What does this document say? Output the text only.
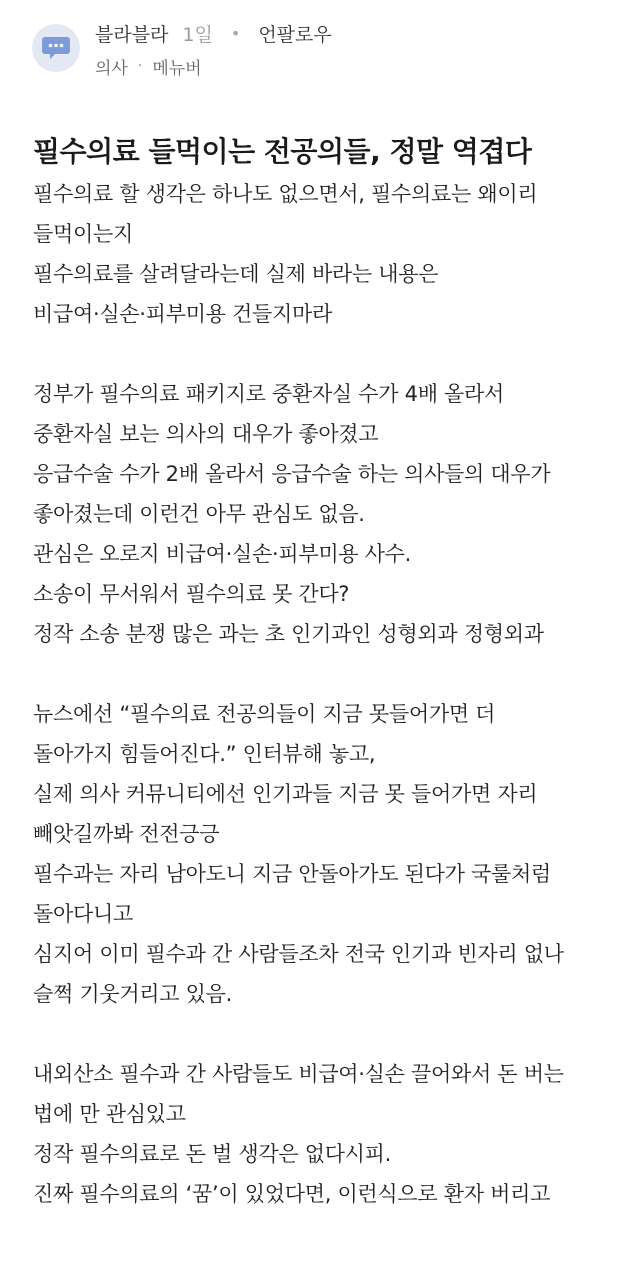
블라블라 1일 • 언팔로우
의사 · 메뉴버
필수의료 들먹이는 전공의들, 정말 역겹다
필수의료 할 생각은 하나도 없으면서, 필수의료는 왜이리
들먹이는지
필수의료를 살려달라는데 실제 바라는 내용은
비급여·실손·피부미용 건들지마라
정부가 필수의료 패키지로 중환자실 수가 4배 올라서
중환자실 보는 의사의 대우가 좋아졌고
응급수술 수가 2배 올라서 응급수술 하는 의사들의 대우가
좋아졌는데 이런건 아무 관심도 없음.
관심은 오로지 비급여·실손·피부미용 사수.
소송이 무서워서 필수의료 못 간다?
정작 소송 분쟁 많은 과는 초 인기과인 성형외과 정형외과
뉴스에선 “필수의료 전공의들이 지금 못들어가면 더
돌아가지 힘들어진다.” 인터뷰해 놓고,
실제 의사 커뮤니티에선 인기과들 지금 못 들어가면 자리
빼앗길까봐 전전긍긍
필수과는 자리 남아도니 지금 안돌아가도 된다가 국룰처럼
돌아다니고
심지어 이미 필수과 간 사람들조차 전국 인기과 빈자리 없나
슬쩍 기웃거리고 있음.
내외산소 필수과 간 사람들도 비급여·실손 끌어와서 돈 버는
법에 만 관심있고
정작 필수의료로 돈 벌 생각은 없다시피.
진짜 필수의료의 ‘꿈’이 있었다면, 이런식으로 환자 버리고
